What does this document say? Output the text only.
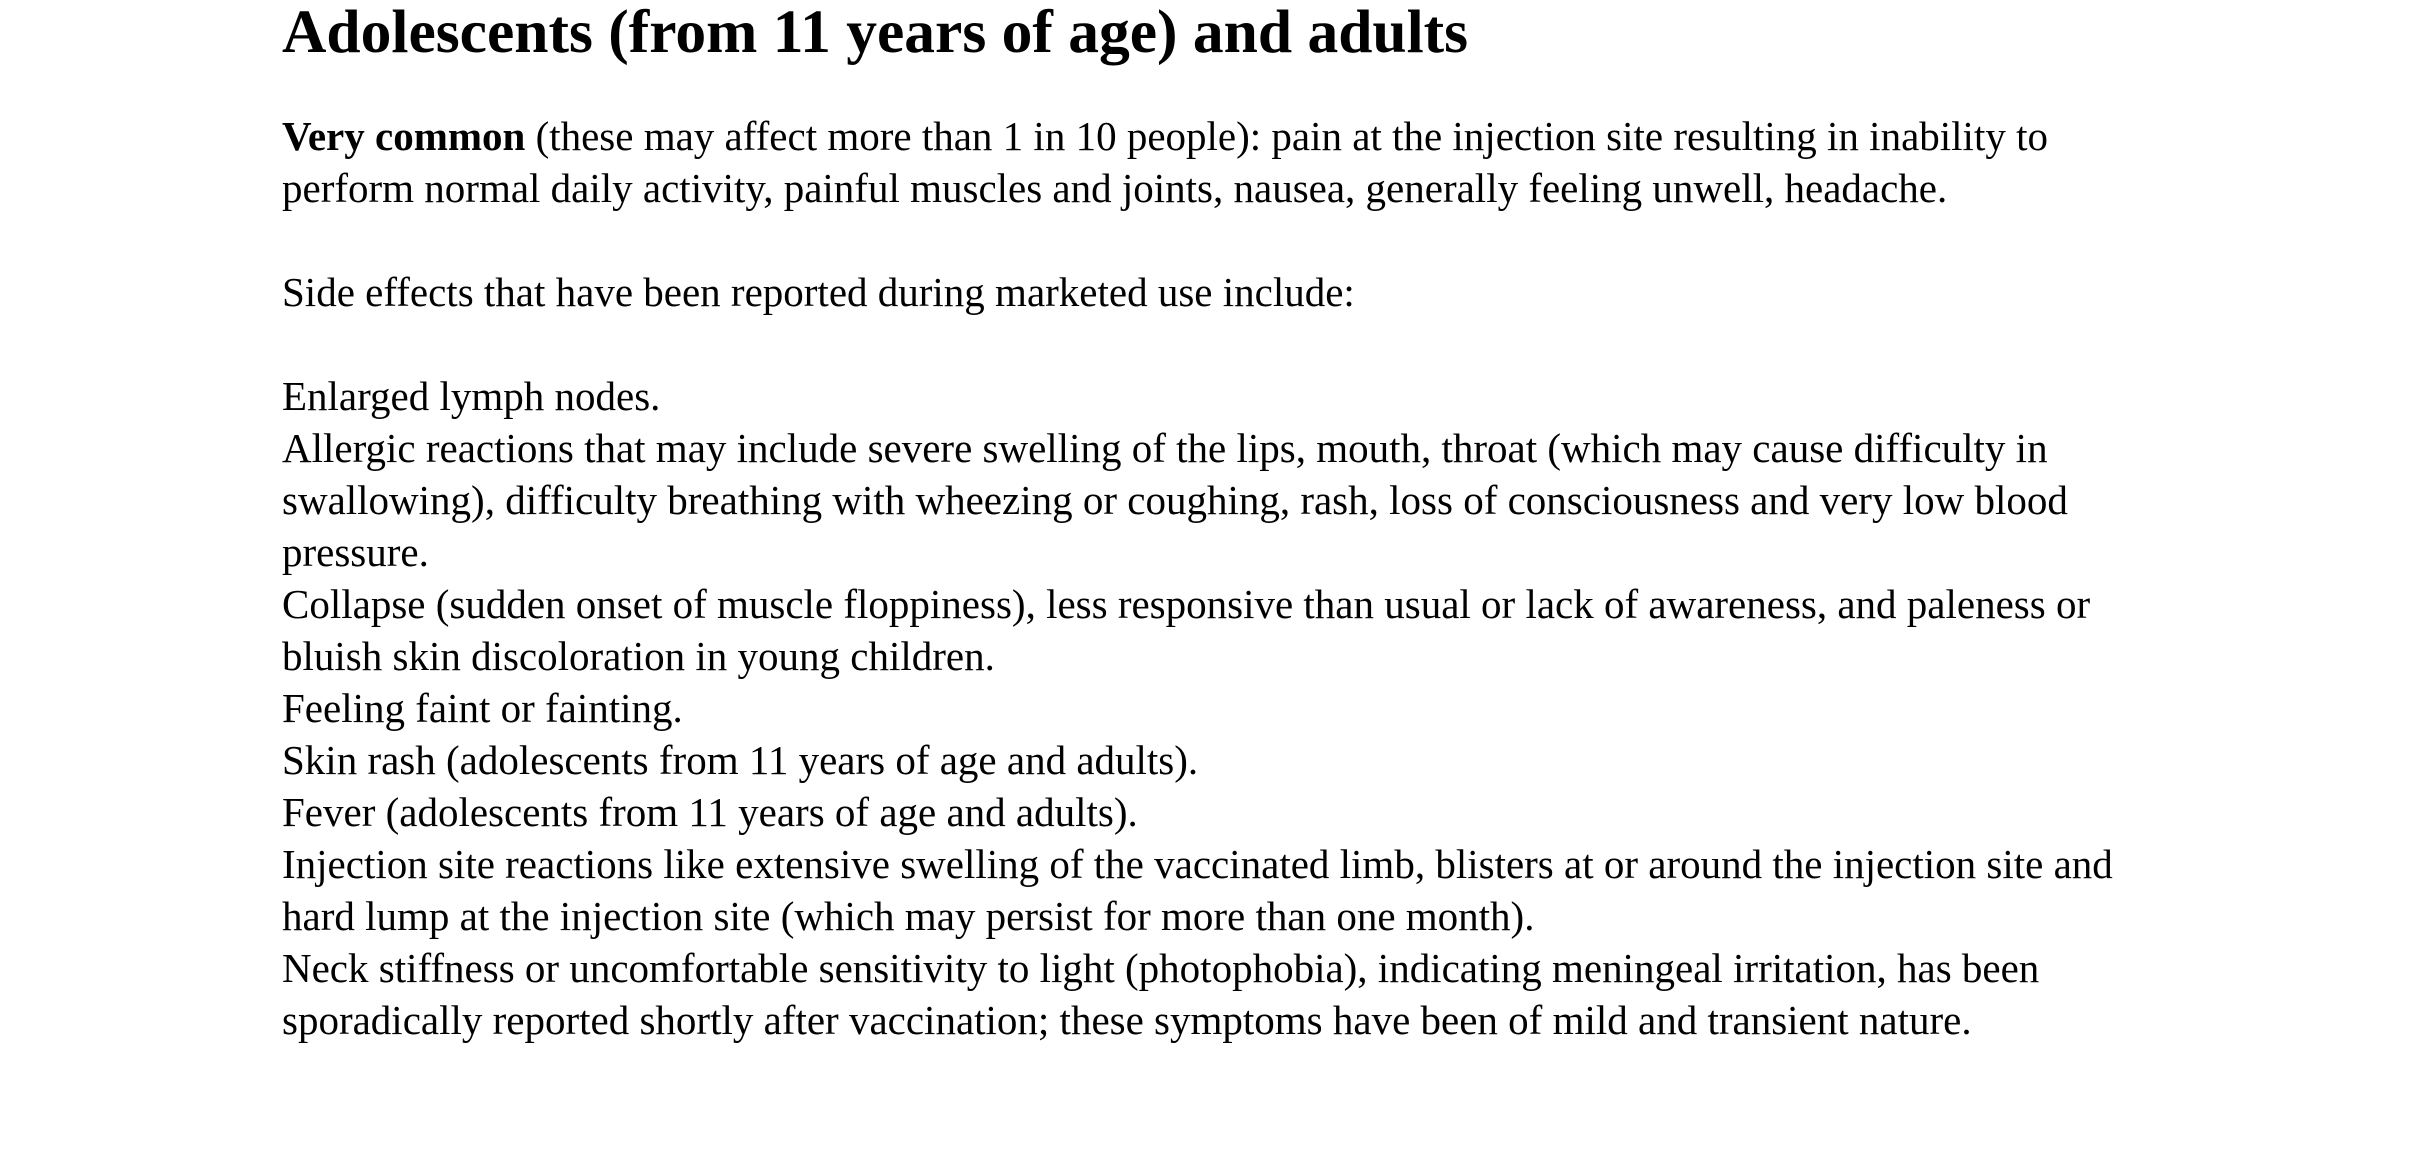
Adolescents (from 11 years of age) and adults

Very common (these may affect more than 1 in 10 people): pain at the injection site resulting in inability to perform normal daily activity, painful muscles and joints, nausea, generally feeling unwell, headache.

Side effects that have been reported during marketed use include:

Enlarged lymph nodes.
Allergic reactions that may include severe swelling of the lips, mouth, throat (which may cause difficulty in swallowing), difficulty breathing with wheezing or coughing, rash, loss of consciousness and very low blood pressure.
Collapse (sudden onset of muscle floppiness), less responsive than usual or lack of awareness, and paleness or bluish skin discoloration in young children.
Feeling faint or fainting.
Skin rash (adolescents from 11 years of age and adults).
Fever (adolescents from 11 years of age and adults).
Injection site reactions like extensive swelling of the vaccinated limb, blisters at or around the injection site and hard lump at the injection site (which may persist for more than one month).
Neck stiffness or uncomfortable sensitivity to light (photophobia), indicating meningeal irritation, has been sporadically reported shortly after vaccination; these symptoms have been of mild and transient nature.
